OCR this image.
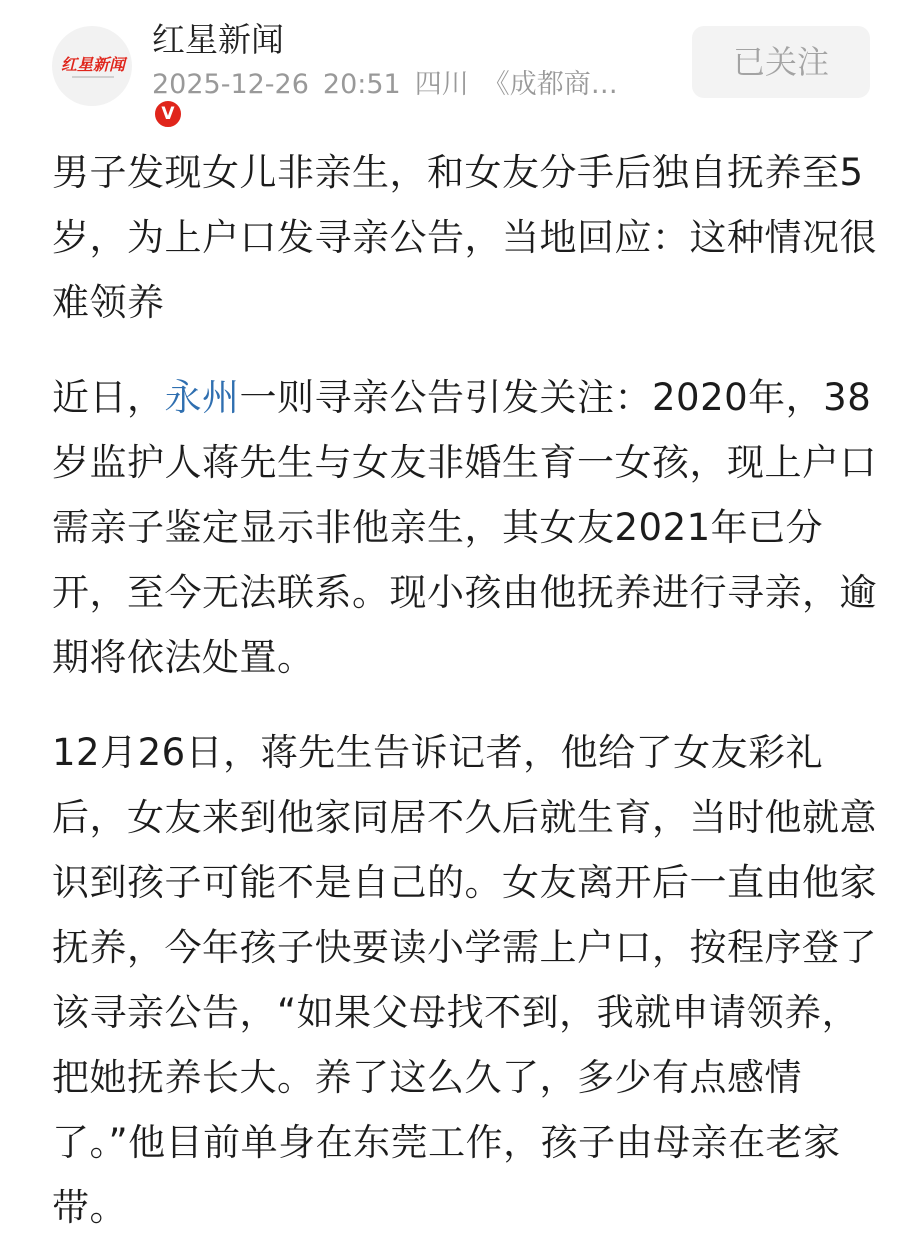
红星新闻
V
红星新闻
2025-12-26 20:51 四川 《成都商…
已关注

男子发现女儿非亲生，和女友分手后独自抚养至5岁，为上户口发寻亲公告，当地回应：这种情况很难领养

近日，永州一则寻亲公告引发关注：2020年，38岁监护人蒋先生与女友非婚生育一女孩，现上户口需亲子鉴定显示非他亲生，其女友2021年已分开，至今无法联系。现小孩由他抚养进行寻亲，逾期将依法处置。

12月26日，蒋先生告诉记者，他给了女友彩礼后，女友来到他家同居不久后就生育，当时他就意识到孩子可能不是自己的。女友离开后一直由他家抚养，今年孩子快要读小学需上户口，按程序登了该寻亲公告，“如果父母找不到，我就申请领养，把她抚养长大。养了这么久了，多少有点感情了。”他目前单身在东莞工作，孩子由母亲在老家带。
